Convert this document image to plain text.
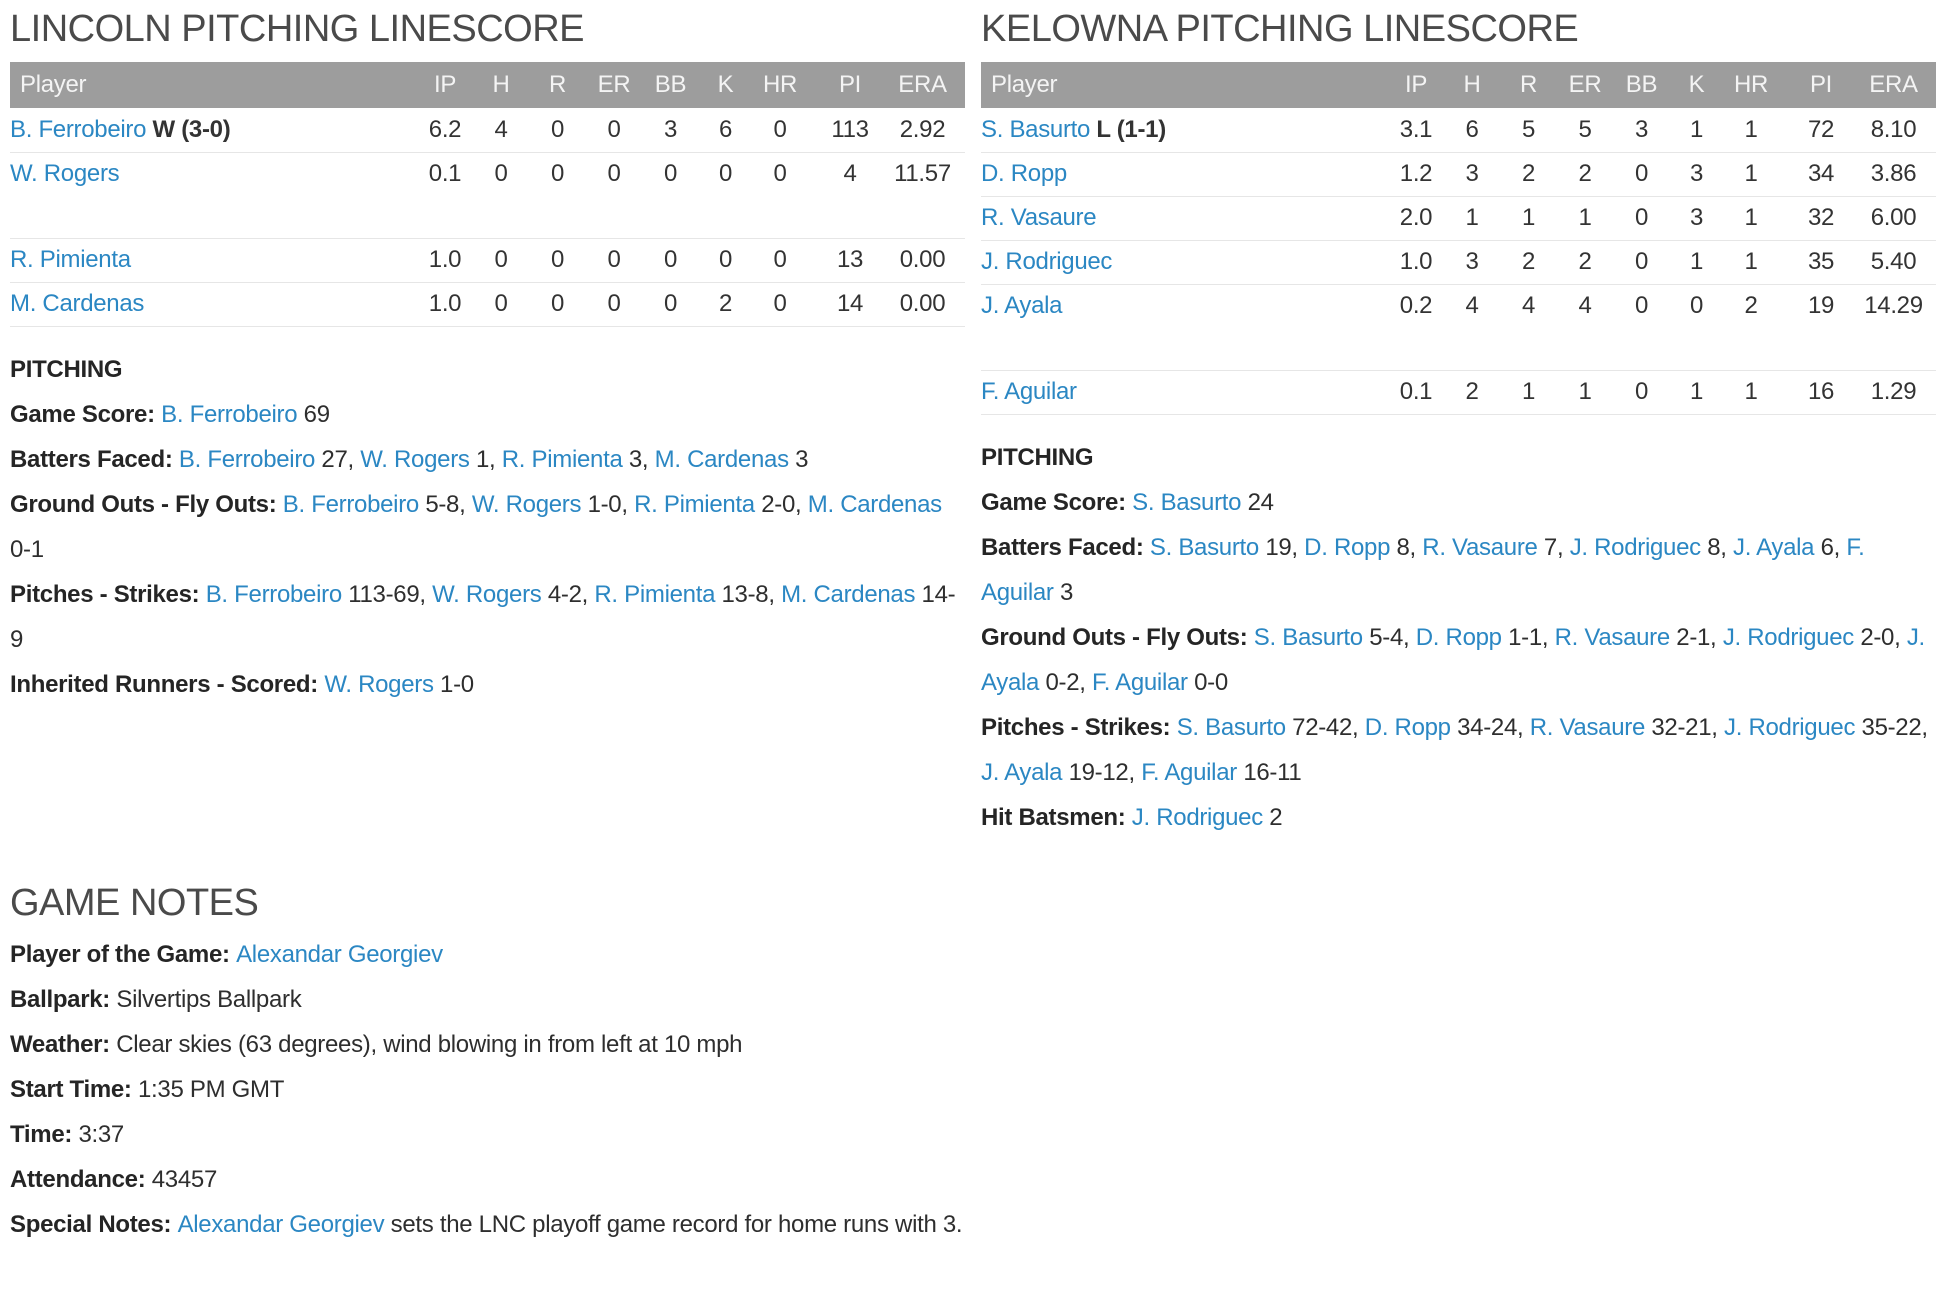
LINCOLN PITCHING LINESCORE
Player	IP	H	R	ER	BB	K	HR	PI	ERA
B. Ferrobeiro W (3-0)	6.2	4	0	0	3	6	0	113	2.92
W. Rogers	0.1	0	0	0	0	0	0	4	11.57

R. Pimienta	1.0	0	0	0	0	0	0	13	0.00
M. Cardenas	1.0	0	0	0	0	2	0	14	0.00

PITCHING

Game Score: B. Ferrobeiro 69

Batters Faced: B. Ferrobeiro 27, W. Rogers 1, R. Pimienta 3, M. Cardenas 3

Ground Outs - Fly Outs: B. Ferrobeiro 5-8, W. Rogers 1-0, R. Pimienta 2-0, M. Cardenas 0-1

Pitches - Strikes: B. Ferrobeiro 113-69, W. Rogers 4-2, R. Pimienta 13-8, M. Cardenas 14-9

Inherited Runners - Scored: W. Rogers 1-0

KELOWNA PITCHING LINESCORE
Player	IP	H	R	ER	BB	K	HR	PI	ERA
S. Basurto L (1-1)	3.1	6	5	5	3	1	1	72	8.10
D. Ropp	1.2	3	2	2	0	3	1	34	3.86
R. Vasaure	2.0	1	1	1	0	3	1	32	6.00
J. Rodriguec	1.0	3	2	2	0	1	1	35	5.40
J. Ayala	0.2	4	4	4	0	0	2	19	14.29

F. Aguilar	0.1	2	1	1	0	1	1	16	1.29

PITCHING

Game Score: S. Basurto 24

Batters Faced: S. Basurto 19, D. Ropp 8, R. Vasaure 7, J. Rodriguec 8, J. Ayala 6, F. Aguilar 3

Ground Outs - Fly Outs: S. Basurto 5-4, D. Ropp 1-1, R. Vasaure 2-1, J. Rodriguec 2-0, J. Ayala 0-2, F. Aguilar 0-0

Pitches - Strikes: S. Basurto 72-42, D. Ropp 34-24, R. Vasaure 32-21, J. Rodriguec 35-22, J. Ayala 19-12, F. Aguilar 16-11

Hit Batsmen: J. Rodriguec 2

GAME NOTES

Player of the Game: Alexandar Georgiev

Ballpark: Silvertips Ballpark

Weather: Clear skies (63 degrees), wind blowing in from left at 10 mph

Start Time: 1:35 PM GMT

Time: 3:37

Attendance: 43457

Special Notes: Alexandar Georgiev sets the LNC playoff game record for home runs with 3.
